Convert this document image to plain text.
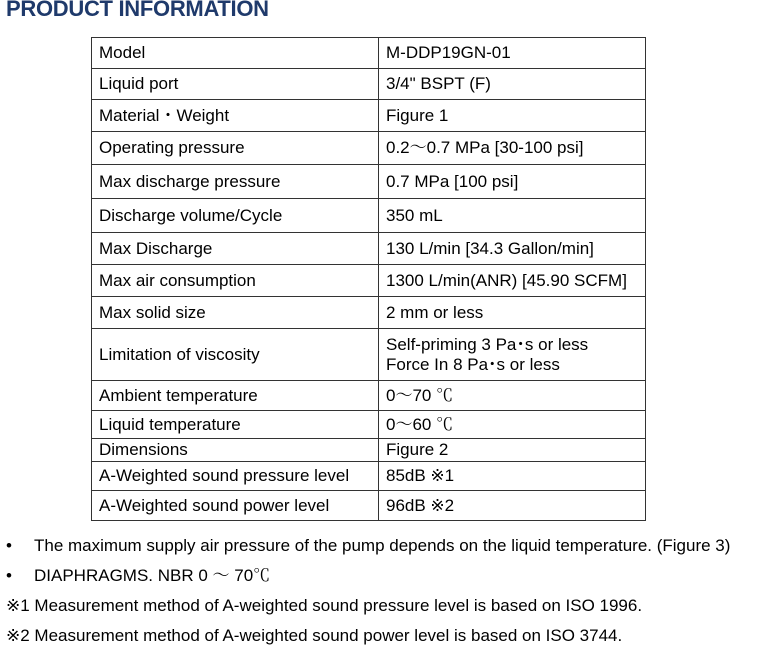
PRODUCT INFORMATION
Model	M-DDP19GN-01
Liquid port	3/4" BSPT (F)
Material・Weight	Figure 1
Operating pressure	0.2～0.7 MPa [30-100 psi]
Max discharge pressure	0.7 MPa [100 psi]
Discharge volume/Cycle	350 mL
Max Discharge	130 L/min [34.3 Gallon/min]
Max air consumption	1300 L/min(ANR) [45.90 SCFM]
Max solid size	2 mm or less
Limitation of viscosity	Self-priming 3 Pa･s or less
Force In 8 Pa･s or less
Ambient temperature	0～70 ℃
Liquid temperature	0～60 ℃
Dimensions	Figure 2
A-Weighted sound pressure level	85dB ※1
A-Weighted sound power level	96dB ※2
• The maximum supply air pressure of the pump depends on the liquid temperature. (Figure 3)
• DIAPHRAGMS. NBR 0 ～ 70℃
※1 Measurement method of A-weighted sound pressure level is based on ISO 1996.
※2 Measurement method of A-weighted sound power level is based on ISO 3744.
